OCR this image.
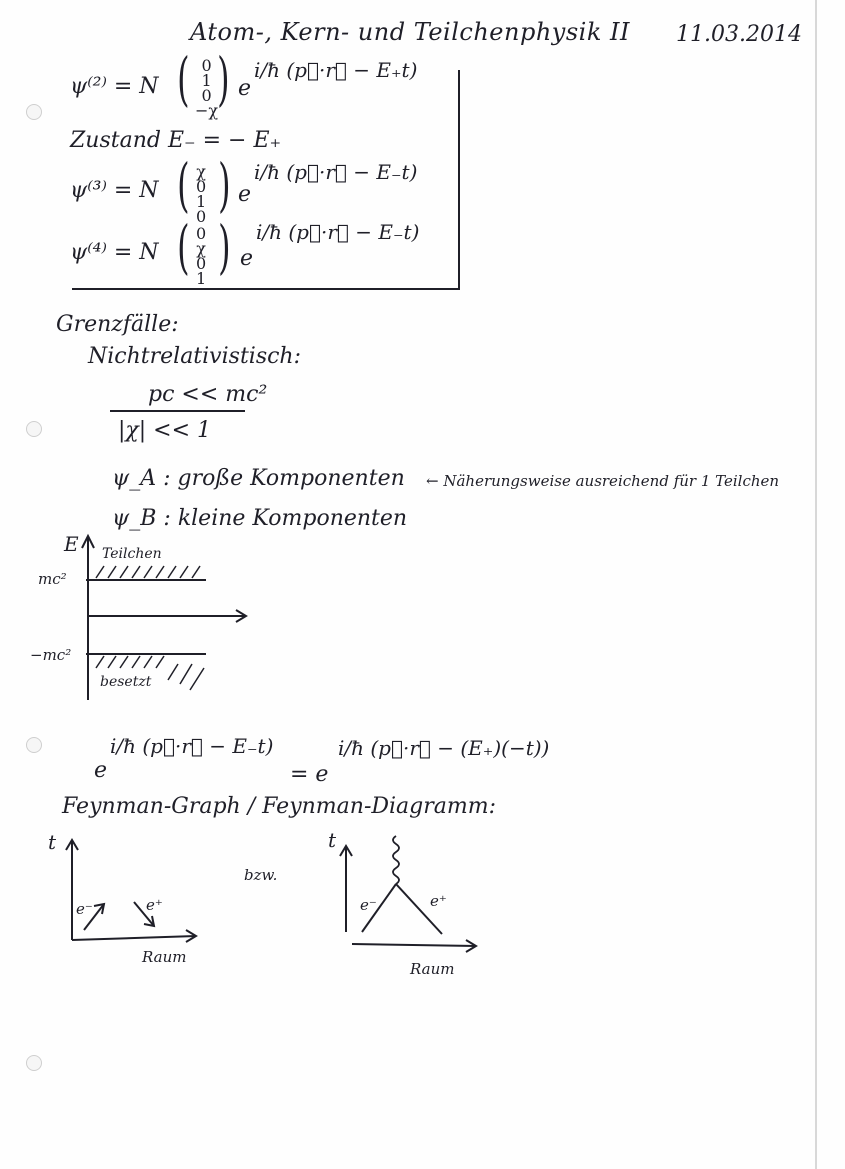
Atom-, Kern- und Teilchenphysik II 11.03.2014
ψ⁽²⁾ = N ( 0
1
0
−χ
) e
i/ħ (p⃗·r⃗ − E₊t)
Zustand E₋ = − E₊
ψ⁽³⁾ = N ( χ
0
1
0 ) e
i/ħ (p⃗·r⃗ − E₋t)
ψ⁽⁴⁾ = N ( 0
χ
0
1 ) e
i/ħ (p⃗·r⃗ − E₋t)
Grenzfälle:
Nichtrelativistisch:
pc << mc²
|χ| << 1
ψ_A : große Komponenten ← Näherungsweise ausreichend für 1 Teilchen
ψ_B : kleine Komponenten
E Teilchen
mc²
−mc²
besetzt
e
i/ħ (p⃗·r⃗ − E₋t)
= e
i/ħ (p⃗·r⃗ − (E₊)(−t))
Feynman-Graph / Feynman-Diagramm:
t
e⁻	e⁺
Raum
bzw.
t
e⁻	e⁺
Raum
